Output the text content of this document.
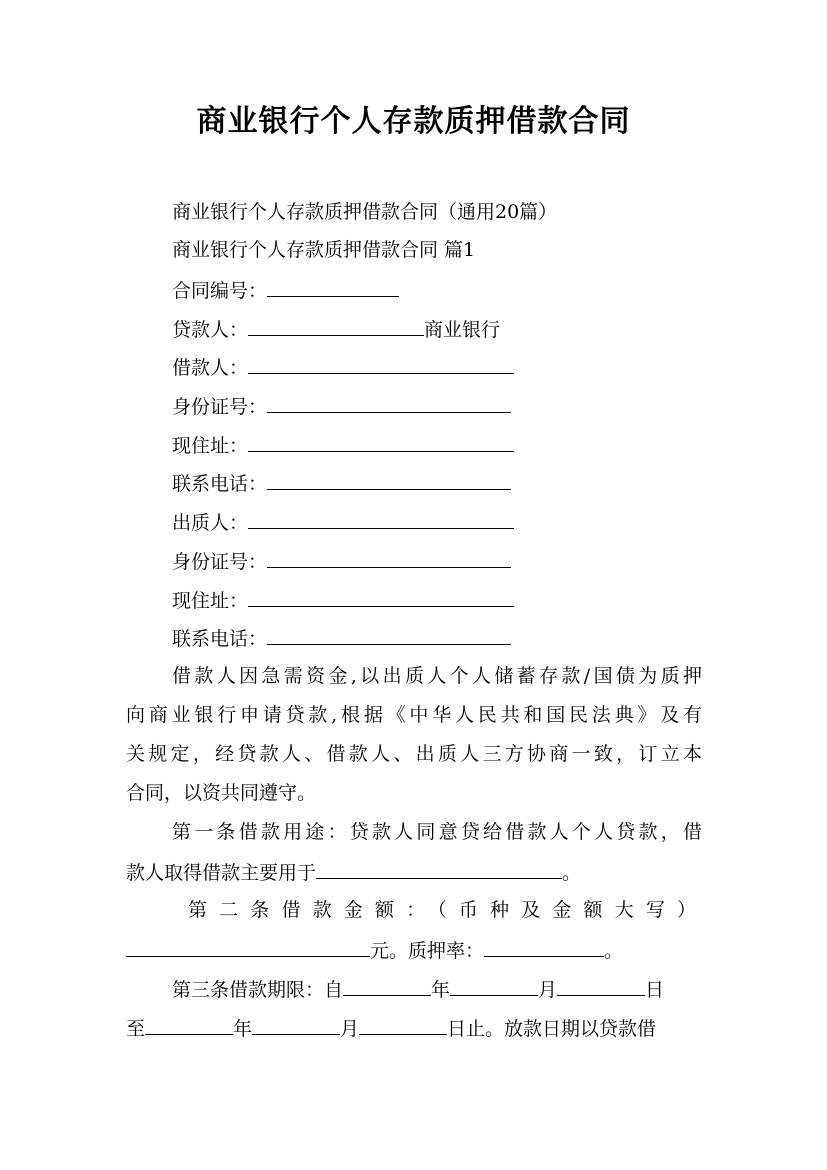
商业银行个人存款质押借款合同
商业银行个人存款质押借款合同（通用20篇）
商业银行个人存款质押借款合同 篇1
合同编号：
贷款人：	商业银行
借款人：
身份证号：
现住址：
联系电话：
出质人：
身份证号：
现住址：
联系电话：
借款人因急需资金,以出质人个人储蓄存款/国债为质押
向商业银行申请贷款,根据《中华人民共和国民法典》及有
关规定，经贷款人、借款人、出质人三方协商一致，订立本
合同，以资共同遵守。
第一条借款用途：贷款人同意贷给借款人个人贷款，借
款人取得借款主要用于	。
第二条借款金额：（币种及金额大写）
元。质押率：	。
第三条借款期限：自	年	月	日
至	年	月	日止。放款日期以贷款借
